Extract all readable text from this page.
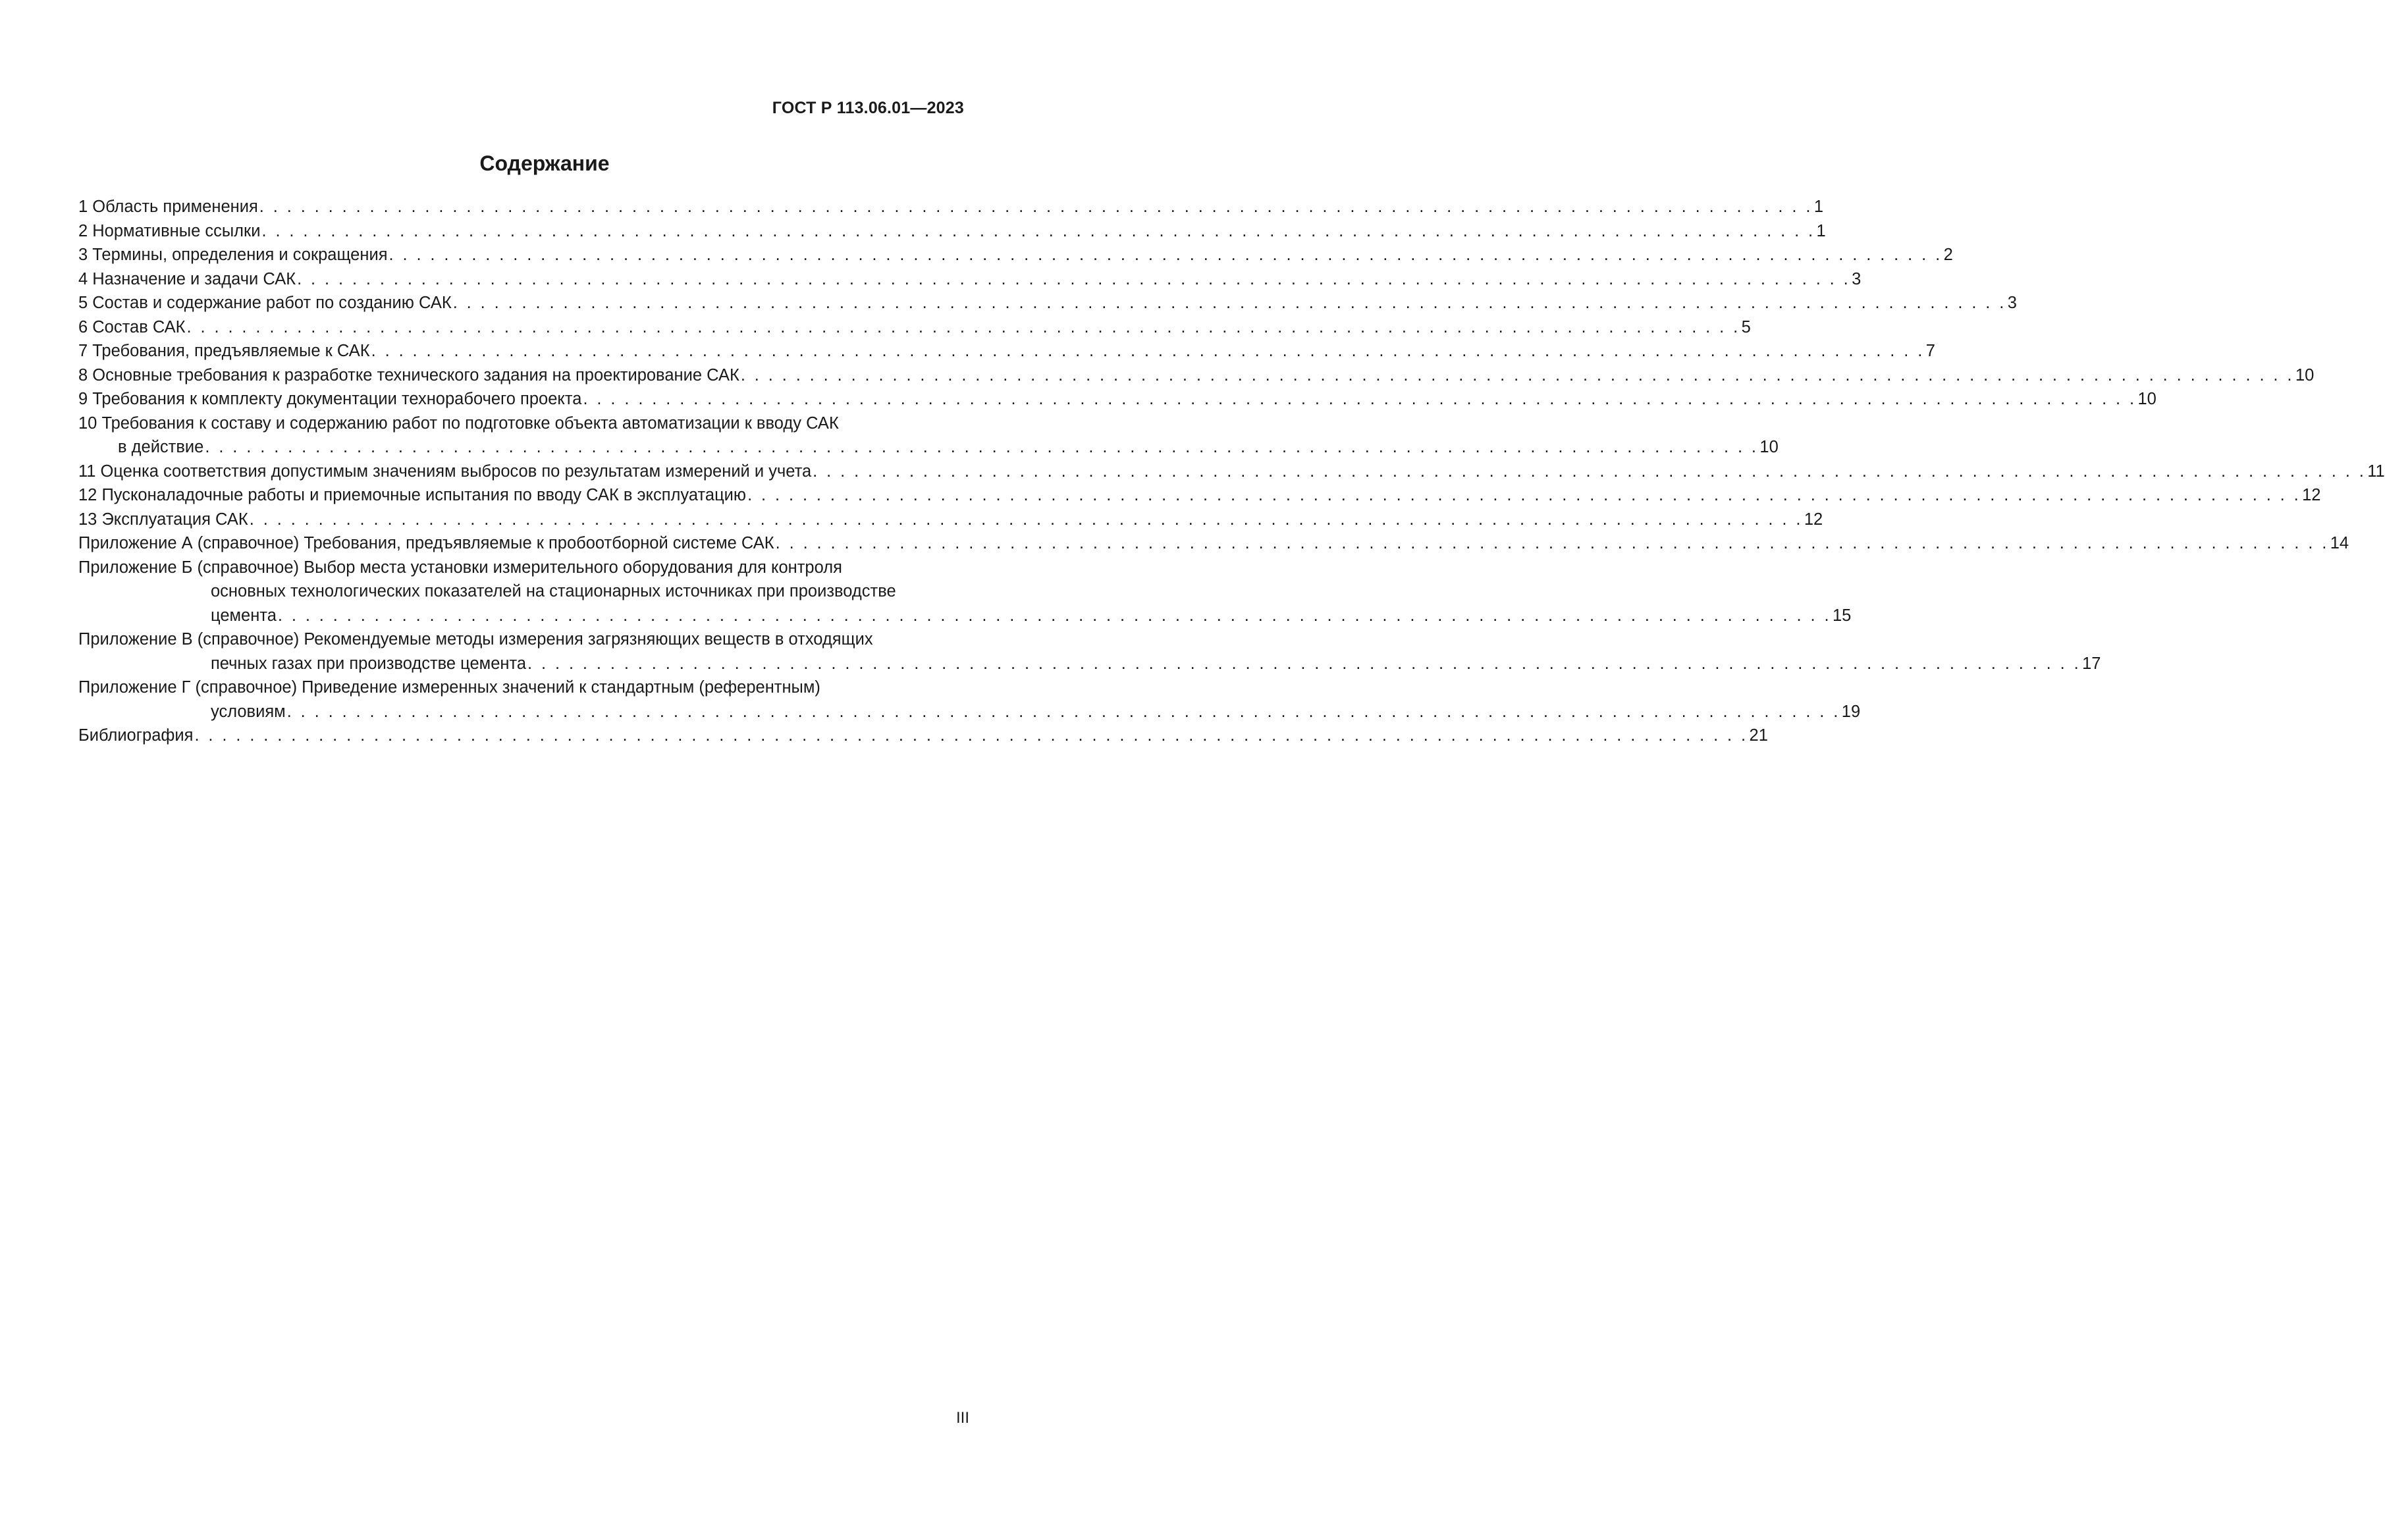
ГОСТ Р 113.06.01—2023
Содержание
1 Область применения . . . . . . . . . . . . . . . . . . . . . . . . . . . . . . . . . . . . . . . . . . . . . . . . . . . . . . . . . . . . . . . . . . . . . . . . . . . . . . . . . . . . . . . . . . . . . . . . . . . . . . . . . . . . . . . . . 1
2 Нормативные ссылки . . . . . . . . . . . . . . . . . . . . . . . . . . . . . . . . . . . . . . . . . . . . . . . . . . . . . . . . . . . . . . . . . . . . . . . . . . . . . . . . . . . . . . . . . . . . . . . . . . . . . . . . . . . . . . . . . 1
3 Термины, определения и сокращения . . . . . . . . . . . . . . . . . . . . . . . . . . . . . . . . . . . . . . . . . . . . . . . . . . . . . . . . . . . . . . . . . . . . . . . . . . . . . . . . . . . . . . . . . . . . . . . . . . . . . . . . . . . . . . . . . 2
4 Назначение и задачи САК . . . . . . . . . . . . . . . . . . . . . . . . . . . . . . . . . . . . . . . . . . . . . . . . . . . . . . . . . . . . . . . . . . . . . . . . . . . . . . . . . . . . . . . . . . . . . . . . . . . . . . . . . . . . . . . . . 3
5 Состав и содержание работ по созданию САК . . . . . . . . . . . . . . . . . . . . . . . . . . . . . . . . . . . . . . . . . . . . . . . . . . . . . . . . . . . . . . . . . . . . . . . . . . . . . . . . . . . . . . . . . . . . . . . . . . . . . . . . . . . . . . . . . 3
6 Состав САК . . . . . . . . . . . . . . . . . . . . . . . . . . . . . . . . . . . . . . . . . . . . . . . . . . . . . . . . . . . . . . . . . . . . . . . . . . . . . . . . . . . . . . . . . . . . . . . . . . . . . . . . . . . . . . . . . 5
7 Требования, предъявляемые к САК . . . . . . . . . . . . . . . . . . . . . . . . . . . . . . . . . . . . . . . . . . . . . . . . . . . . . . . . . . . . . . . . . . . . . . . . . . . . . . . . . . . . . . . . . . . . . . . . . . . . . . . . . . . . . . . . . 7
8 Основные требования к разработке технического задания на проектирование САК . . . . . . . . . . . . . . . . . . . . . . . . . . . . . . . . . . . . . . . . . . . . . . . . . . . . . . . . . . . . . . . . . . . . . . . . . . . . . . . . . . . . . . . . . . . . . . . . . . . . . . . . . . . . . . . . . 10
9 Требования к комплекту документации технорабочего проекта . . . . . . . . . . . . . . . . . . . . . . . . . . . . . . . . . . . . . . . . . . . . . . . . . . . . . . . . . . . . . . . . . . . . . . . . . . . . . . . . . . . . . . . . . . . . . . . . . . . . . . . . . . . . . . . . . 10
10 Требования к составу и содержанию работ по подготовке объекта автоматизации к вводу САК
в действие . . . . . . . . . . . . . . . . . . . . . . . . . . . . . . . . . . . . . . . . . . . . . . . . . . . . . . . . . . . . . . . . . . . . . . . . . . . . . . . . . . . . . . . . . . . . . . . . . . . . . . . . . . . . . . . . . 10
11 Оценка соответствия допустимым значениям выбросов по результатам измерений и учета . . . . . . . . . . . . . . . . . . . . . . . . . . . . . . . . . . . . . . . . . . . . . . . . . . . . . . . . . . . . . . . . . . . . . . . . . . . . . . . . . . . . . . . . . . . . . . . . . . . . . . . . . . . . . . . . . 11
12 Пусконаладочные работы и приемочные испытания по вводу САК в эксплуатацию . . . . . . . . . . . . . . . . . . . . . . . . . . . . . . . . . . . . . . . . . . . . . . . . . . . . . . . . . . . . . . . . . . . . . . . . . . . . . . . . . . . . . . . . . . . . . . . . . . . . . . . . . . . . . . . . . 12
13 Эксплуатация САК . . . . . . . . . . . . . . . . . . . . . . . . . . . . . . . . . . . . . . . . . . . . . . . . . . . . . . . . . . . . . . . . . . . . . . . . . . . . . . . . . . . . . . . . . . . . . . . . . . . . . . . . . . . . . . . . . 12
Приложение А (справочное) Требования, предъявляемые к пробоотборной системе САК . . . . . . . . . . . . . . . . . . . . . . . . . . . . . . . . . . . . . . . . . . . . . . . . . . . . . . . . . . . . . . . . . . . . . . . . . . . . . . . . . . . . . . . . . . . . . . . . . . . . . . . . . . . . . . . . . 14
Приложение Б (справочное) Выбор места установки измерительного оборудования для контроля
основных технологических показателей на стационарных источниках при производстве
цемента . . . . . . . . . . . . . . . . . . . . . . . . . . . . . . . . . . . . . . . . . . . . . . . . . . . . . . . . . . . . . . . . . . . . . . . . . . . . . . . . . . . . . . . . . . . . . . . . . . . . . . . . . . . . . . . . . 15
Приложение В (справочное) Рекомендуемые методы измерения загрязняющих веществ в отходящих
печных газах при производстве цемента . . . . . . . . . . . . . . . . . . . . . . . . . . . . . . . . . . . . . . . . . . . . . . . . . . . . . . . . . . . . . . . . . . . . . . . . . . . . . . . . . . . . . . . . . . . . . . . . . . . . . . . . . . . . . . . . . 17
Приложение Г (справочное) Приведение измеренных значений к стандартным (референтным)
условиям . . . . . . . . . . . . . . . . . . . . . . . . . . . . . . . . . . . . . . . . . . . . . . . . . . . . . . . . . . . . . . . . . . . . . . . . . . . . . . . . . . . . . . . . . . . . . . . . . . . . . . . . . . . . . . . . . 19
Библиография . . . . . . . . . . . . . . . . . . . . . . . . . . . . . . . . . . . . . . . . . . . . . . . . . . . . . . . . . . . . . . . . . . . . . . . . . . . . . . . . . . . . . . . . . . . . . . . . . . . . . . . . . . . . . . . . . 21
III
